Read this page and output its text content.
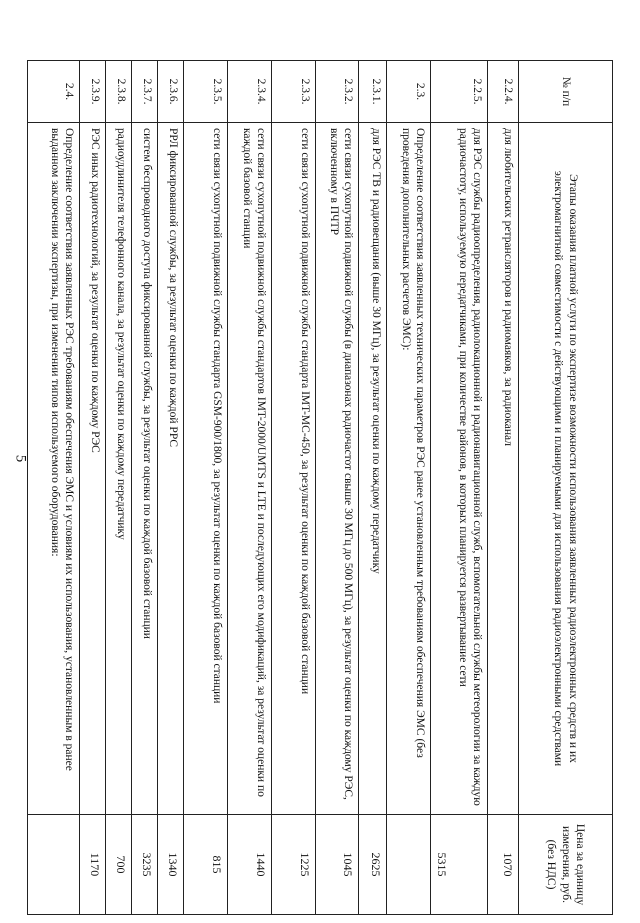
5
№ п/п	Этапы оказания платной услуги по экспертизе возможности использования заявленных радиоэлектронных средств и их электромагнитной совместимости с действующими и планируемыми для использования радиоэлектронными средствами	Цена за единицу измерения, руб. (без НДС)
2.2.4.	для любительских ретрансляторов и радиомаяков, за радиоканал	1070
2.2.5.	для РЭС службы радиоопределения, радиолокационной и радионавигационной служб, вспомогательной службы метеорологии за каждую радиочастоту, используемую передатчиками, при количестве районов, в которых планируется развертывание сети	5315
2.3.	Определение соответствия заявленных технических параметров РЭС ранее установленным требованиям обеспечения ЭМС (без проведения дополнительных расчетов ЭМС):	
2.3.1.	для РЭС ТВ и радиовещания (выше 30 МГц), за результат оценки по каждому передатчику	2625
2.3.2.	сети связи сухопутной подвижной службы (в диапазонах радиочастот свыше 30 МГц до 500 МГц), за результат оценки по каждому РЭС, включенному в ПЧТР	1045
2.3.3.	сети связи сухопутной подвижной службы стандарта IMT-MC-450, за результат оценки по каждой базовой станции	1225
2.3.4.	сети связи сухопутной подвижной службы стандартов IMT-2000/UMTS и LTE и последующих его модификаций, за результат оценки по каждой базовой станции	1440
2.3.5.	сети связи сухопутной подвижной службы стандарта GSM-900/1800, за результат оценки по каждой базовой станции	815
2.3.6.	РРЛ фиксированной службы, за результат оценки по каждой РРС	1340
2.3.7.	систем беспроводного доступа фиксированной службы, за результат оценки по каждой базовой станции	3235
2.3.8.	радиоудлинителя телефонного канала, за результат оценки по каждому передатчику	700
2.3.9.	РЭС иных радиотехнологий, за результат оценки по каждому РЭС	1170
2.4.	Определение соответствия заявленных РЭС требованиям обеспечения ЭМС и условиям их использования, установленным в ранее выданном заключении экспертизы, при изменении типов используемого оборудования:	
